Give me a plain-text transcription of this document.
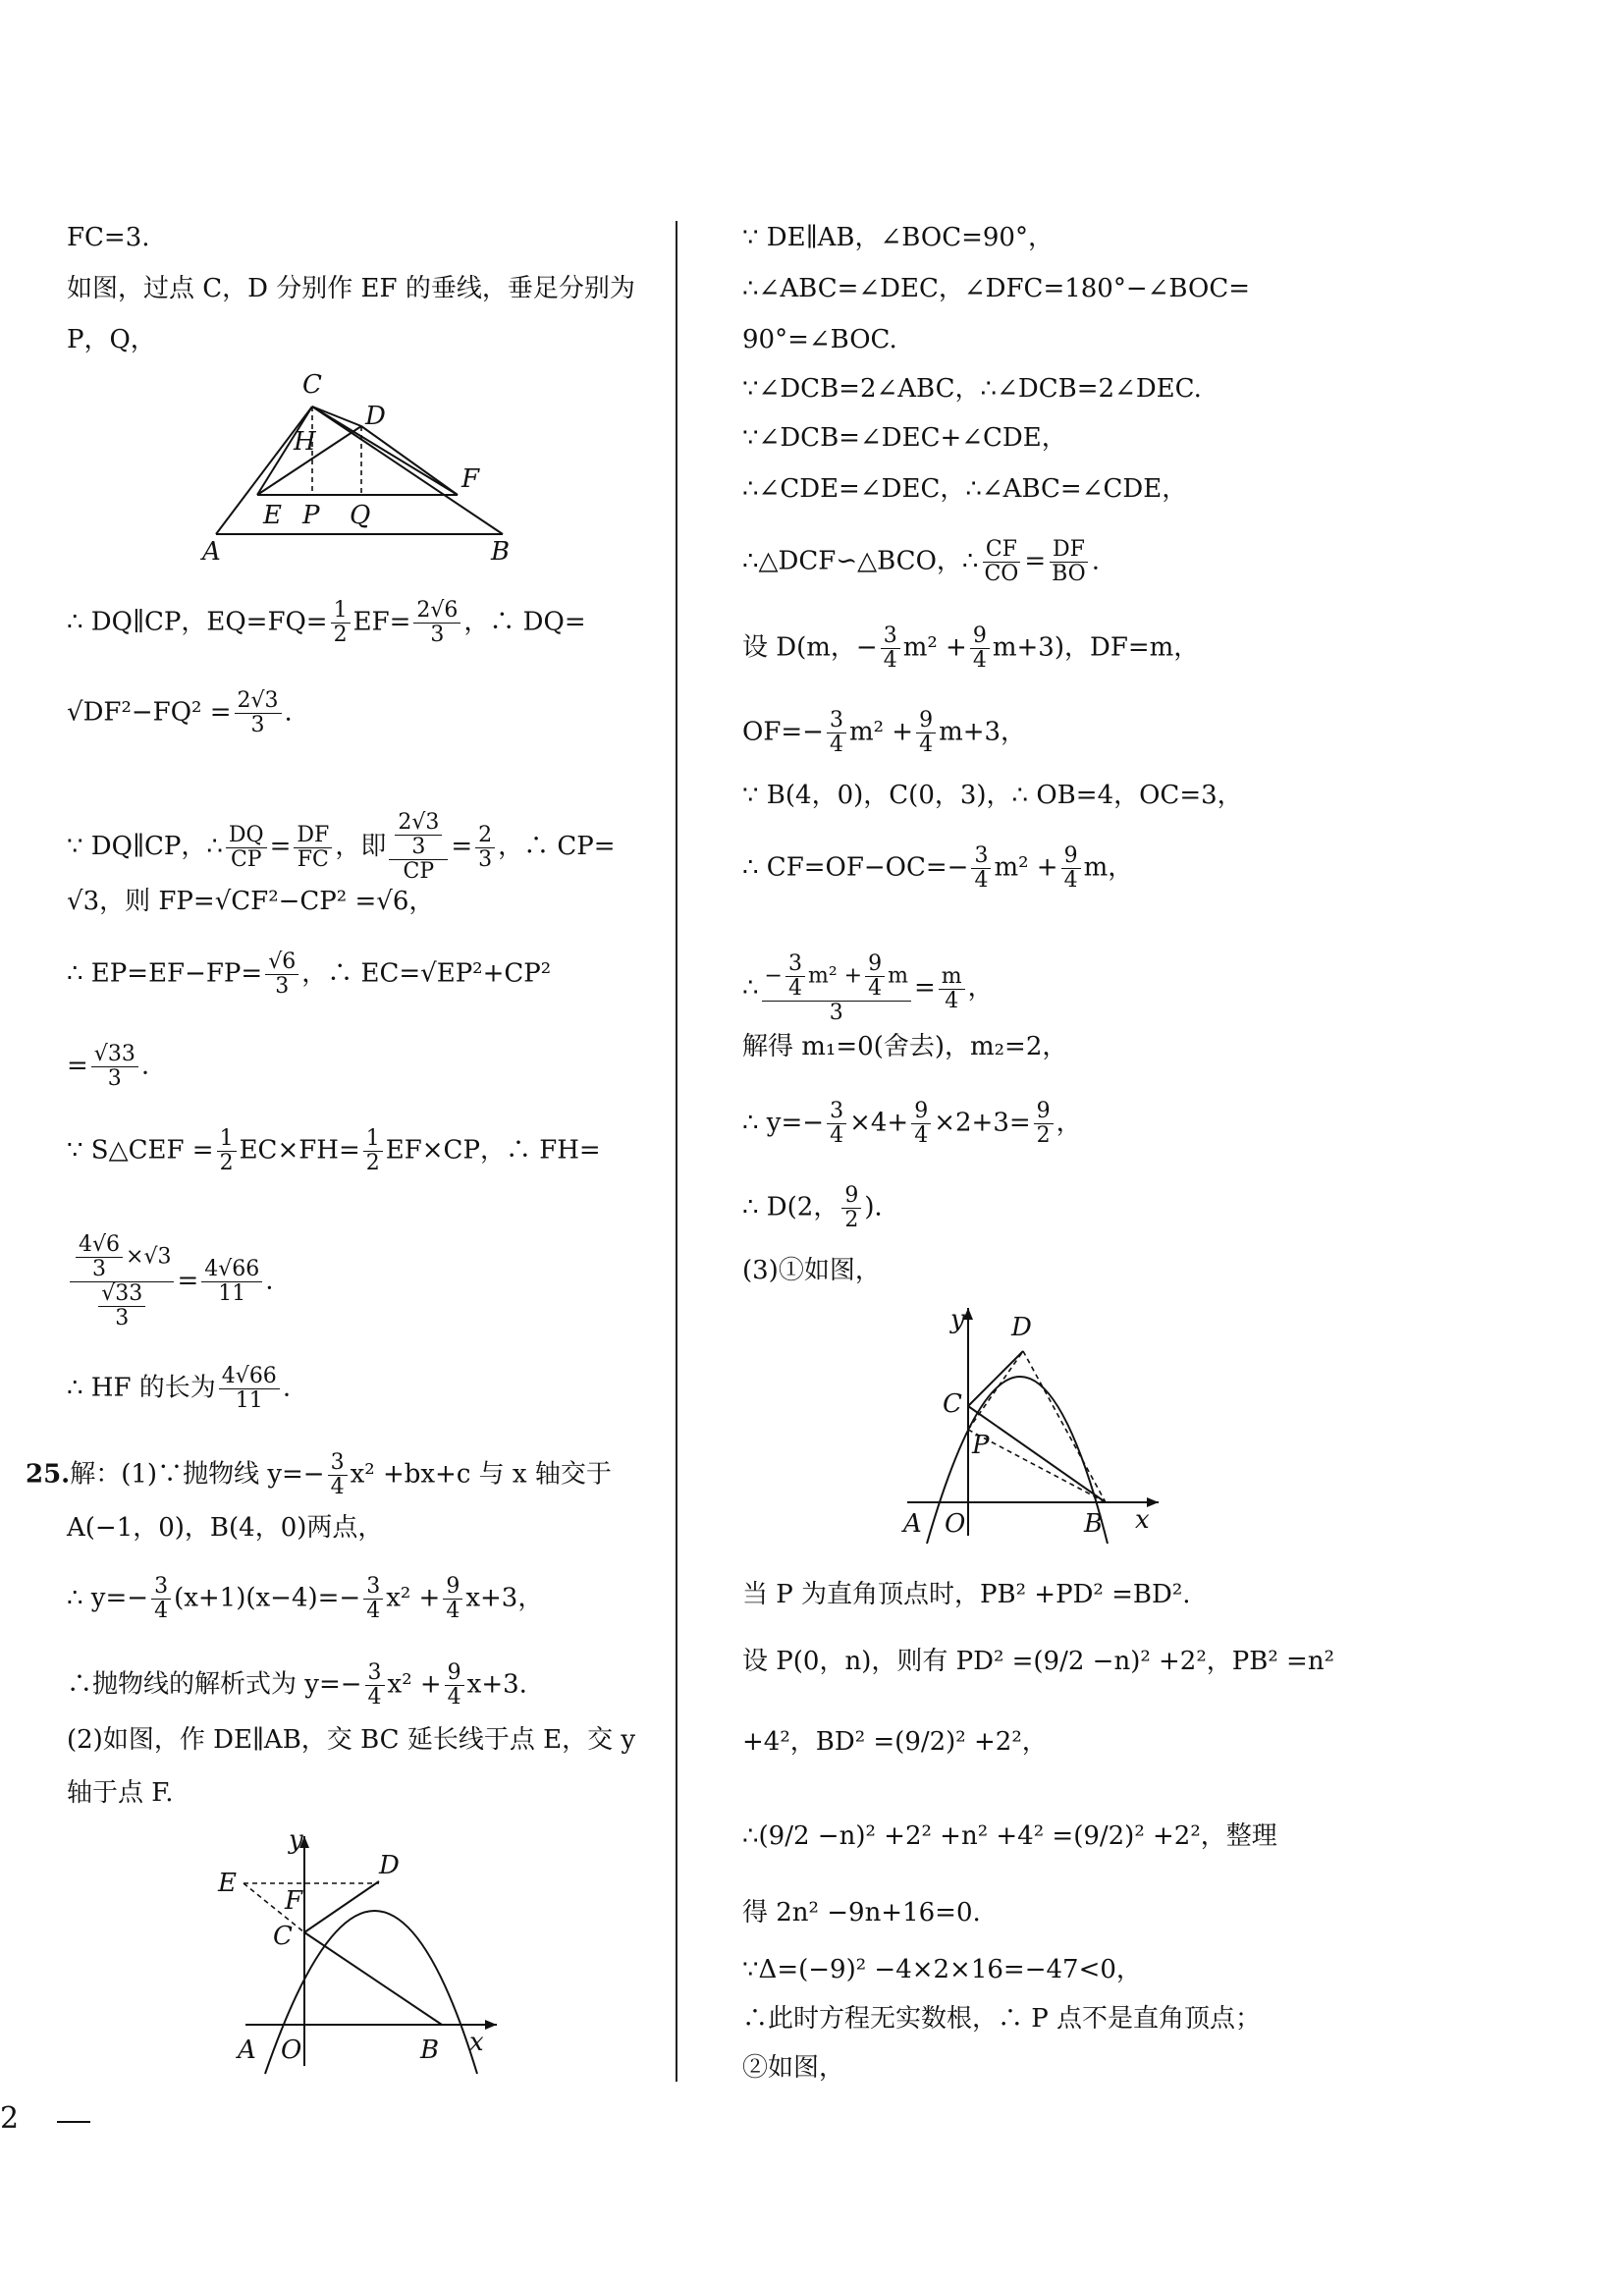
FC=3.
如图，过点 C，D 分别作 EF 的垂线，垂足分别为
P，Q，
C
D
H
F
E P Q
A	B
∴ DQ∥CP，$EQ=FQ= \frac{1}{2} EF= \frac{2√6}{3}$ ，∴ DQ=
$√DF^2-FQ^2 = \frac{2√3}{3}$ .
∵ DQ∥CP，∴ $\frac{DQ}{CP} = \frac{DF}{FC}$ ，即 $\frac{\frac{2√3}{3}}{CP} = \frac{2}{3}$ ，∴ CP=
√3，则 FP=√CF²−CP² =√6，
∴ $EP=EF-FP= \frac{√6}{3}$ ，∴ EC=√EP²+CP²
= $\frac{√33}{3}$ .
∵ S△CEF = $\frac{1}{2} EC\times FH= \frac{1}{2} EF\times CP$，∴ FH=
$\frac{\frac{4√6}{3} \times√3}{\frac{√33}{3}} = \frac{4√66}{11}$ .
∴ HF 的长为 $\frac{4√66}{11}$ .
25.解：(1)∵抛物线 $y=- \frac{3}{4} x^2 +bx+c$ 与 x 轴交于
A(−1，0)，B(4，0)两点，
∴ $y=- \frac{3}{4} (x+1)(x-4)=- \frac{3}{4} x^2 + \frac{9}{4} x+3$，
∴抛物线的解析式为 $y=- \frac{3}{4} x^2 + \frac{9}{4} x+3$.
(2)如图，作 DE∥AB，交 BC 延长线于点 E，交 y
轴于点 F.
y
D
E
F
C
A O	B x
∵ DE∥AB，∠BOC=90°，
∴∠ABC=∠DEC，∠DFC=180°−∠BOC=
90°=∠BOC.
∵∠DCB=2∠ABC，∴∠DCB=2∠DEC.
∵∠DCB=∠DEC+∠CDE，
∴∠CDE=∠DEC，∴∠ABC=∠CDE，
∴△DCF∽△BCO，∴ $\frac{CF}{CO} = \frac{DF}{BO}$ .
设 D(m，− $\frac{3}{4} m^2 + \frac{9}{4} m+3$)，DF=m，
$OF=- \frac{3}{4} m^2 + \frac{9}{4} m+3$，
∵ B(4，0)，C(0，3)，∴ OB=4，OC=3，
∴ $CF=OF-OC=- \frac{3}{4} m^2 + \frac{9}{4}$ m，
∴ $\frac{- \frac{3}{4} m^2 + \frac{9}{4} m}{3} = \frac{m}{4}$ ，
解得 m₁=0(舍去)，m₂=2，
∴ $y=- \frac{3}{4} \times 4+ \frac{9}{4} \times 2+3= \frac{9}{2}$ ，
∴ D(2， $\frac{9}{2}$ )．
(3)①如图，
y D
C
P
A O	B x
当 P 为直角顶点时，PB² +PD² =BD².
设 P(0，n)，则有 PD² =(9/2 −n)² +2²，PB² =n²
+4²，BD² =(9/2)² +2²，
∴(9/2 −n)² +2² +n² +4² =(9/2)² +2²，整理
得 2n² −9n+16=0.
∵Δ=(−9)² −4×2×16=−47<0，
∴此时方程无实数根，∴ P 点不是直角顶点；
②如图，
2
